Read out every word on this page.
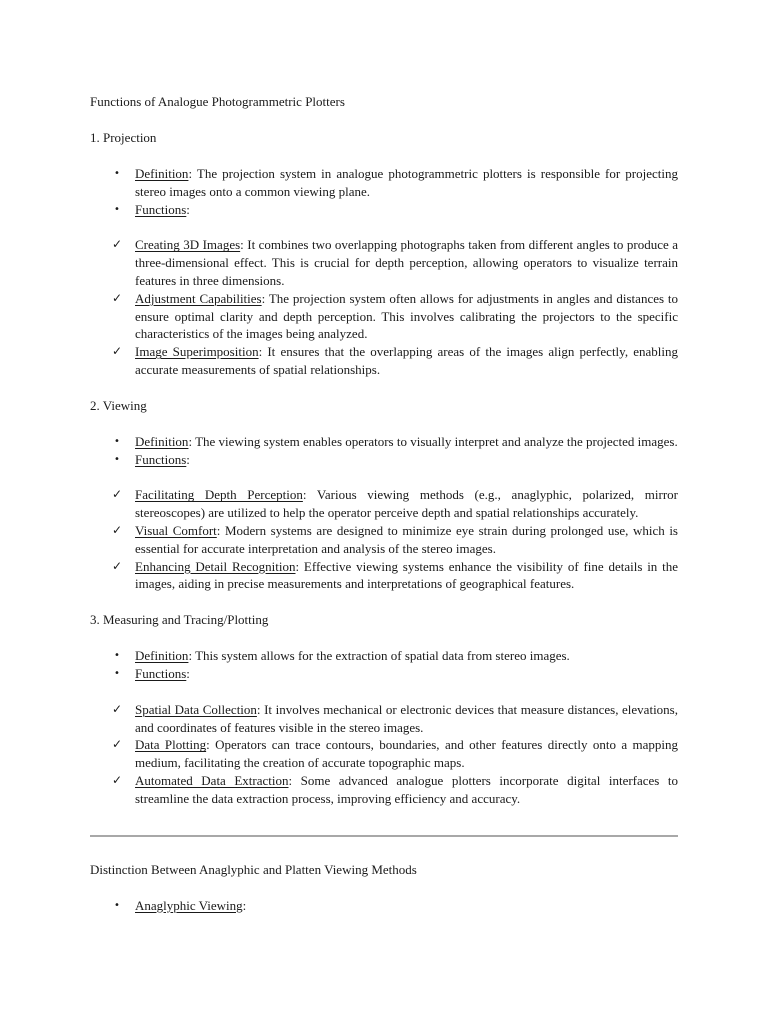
Functions of Analogue Photogrammetric Plotters
1. Projection
• Definition: The projection system in analogue photogrammetric plotters is responsible for projecting stereo images onto a common viewing plane.
• Functions:
✓ Creating 3D Images: It combines two overlapping photographs taken from different angles to produce a three-dimensional effect. This is crucial for depth perception, allowing operators to visualize terrain features in three dimensions.
✓ Adjustment Capabilities: The projection system often allows for adjustments in angles and distances to ensure optimal clarity and depth perception. This involves calibrating the projectors to the specific characteristics of the images being analyzed.
✓ Image Superimposition: It ensures that the overlapping areas of the images align perfectly, enabling accurate measurements of spatial relationships.
2. Viewing
• Definition: The viewing system enables operators to visually interpret and analyze the projected images.
• Functions:
✓ Facilitating Depth Perception: Various viewing methods (e.g., anaglyphic, polarized, mirror stereoscopes) are utilized to help the operator perceive depth and spatial relationships accurately.
✓ Visual Comfort: Modern systems are designed to minimize eye strain during prolonged use, which is essential for accurate interpretation and analysis of the stereo images.
✓ Enhancing Detail Recognition: Effective viewing systems enhance the visibility of fine details in the images, aiding in precise measurements and interpretations of geographical features.
3. Measuring and Tracing/Plotting
• Definition: This system allows for the extraction of spatial data from stereo images.
• Functions:
✓ Spatial Data Collection: It involves mechanical or electronic devices that measure distances, elevations, and coordinates of features visible in the stereo images.
✓ Data Plotting: Operators can trace contours, boundaries, and other features directly onto a mapping medium, facilitating the creation of accurate topographic maps.
✓ Automated Data Extraction: Some advanced analogue plotters incorporate digital interfaces to streamline the data extraction process, improving efficiency and accuracy.
Distinction Between Anaglyphic and Platten Viewing Methods
• Anaglyphic Viewing:
